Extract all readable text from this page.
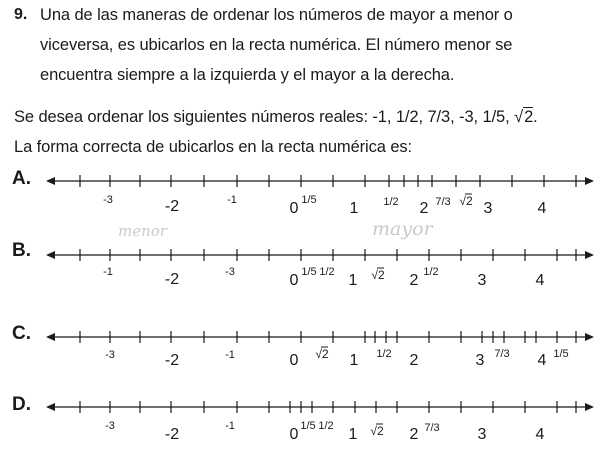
9. Una de las maneras de ordenar los números de mayor a menor o
viceversa, es ubicarlos en la recta numérica. El número menor se
encuentra siempre a la izquierda y el mayor a la derecha.
Se desea ordenar los siguientes números reales: -1, 1/2, 7/3, -3, 1/5, √2.
La forma correcta de ubicarlos en la recta numérica es:
A.
B.
C.
D.
menor	mayor
-3	-2	-1	0 1/5 1 1/2 2 7/3 √2 3	4
-1	-2	-3	0 1/5 1/2 1 √2 2 1/2 3	4
-3	-2	-1	0 √2 1 1/2 2	3 7/3 4 1/5
-3	-2	-1	0 1/5 1/2 1 √2 2 7/3 3	4
